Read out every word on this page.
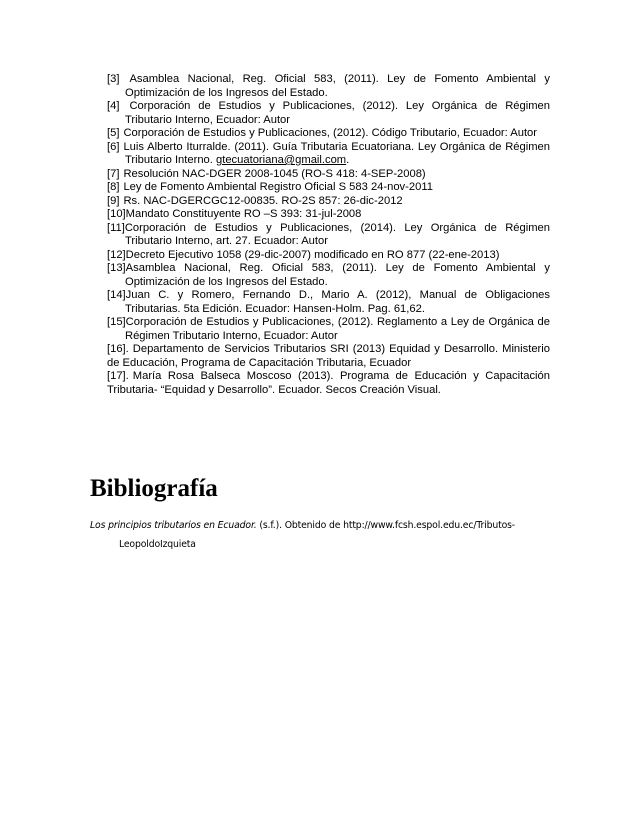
[3] Asamblea Nacional, Reg. Oficial 583, (2011). Ley de Fomento Ambiental y Optimización de los Ingresos del Estado.

[4] Corporación de Estudios y Publicaciones, (2012). Ley Orgánica de Régimen Tributario Interno, Ecuador: Autor

[5] Corporación de Estudios y Publicaciones, (2012). Código Tributario, Ecuador: Autor

[6] Luis Alberto Iturralde. (2011). Guía Tributaria Ecuatoriana. Ley Orgánica de Régimen Tributario Interno. gtecuatoriana@gmail.com.

[7] Resolución NAC-DGER 2008-1045 (RO-S 418: 4-SEP-2008)

[8] Ley de Fomento Ambiental Registro Oficial S 583 24-nov-2011

[9] Rs. NAC-DGERCGC12-00835. RO-2S 857: 26-dic-2012

[10]Mandato Constituyente RO –S 393: 31-jul-2008

[11]Corporación de Estudios y Publicaciones, (2014). Ley Orgánica de Régimen Tributario Interno, art. 27. Ecuador: Autor

[12]Decreto Ejecutivo 1058 (29-dic-2007) modificado en RO 877 (22-ene-2013)

[13]Asamblea Nacional, Reg. Oficial 583, (2011). Ley de Fomento Ambiental y Optimización de los Ingresos del Estado.

[14]Juan C. y Romero, Fernando D., Mario A. (2012), Manual de Obligaciones Tributarias. 5ta Edición. Ecuador: Hansen-Holm. Pag. 61,62.

[15]Corporación de Estudios y Publicaciones, (2012). Reglamento a Ley de Orgánica de Régimen Tributario Interno, Ecuador: Autor

[16]. Departamento de Servicios Tributarios SRI (2013) Equidad y Desarrollo. Ministerio de Educación, Programa de Capacitación Tributaria, Ecuador

[17]. María Rosa Balseca Moscoso (2013). Programa de Educación y Capacitación Tributaria- “Equidad y Desarrollo”. Ecuador. Secos Creación Visual.

Bibliografía

Los principios tributarios en Ecuador. (s.f.). Obtenido de http://www.fcsh.espol.edu.ec/Tributos-LeopoldoIzquieta
